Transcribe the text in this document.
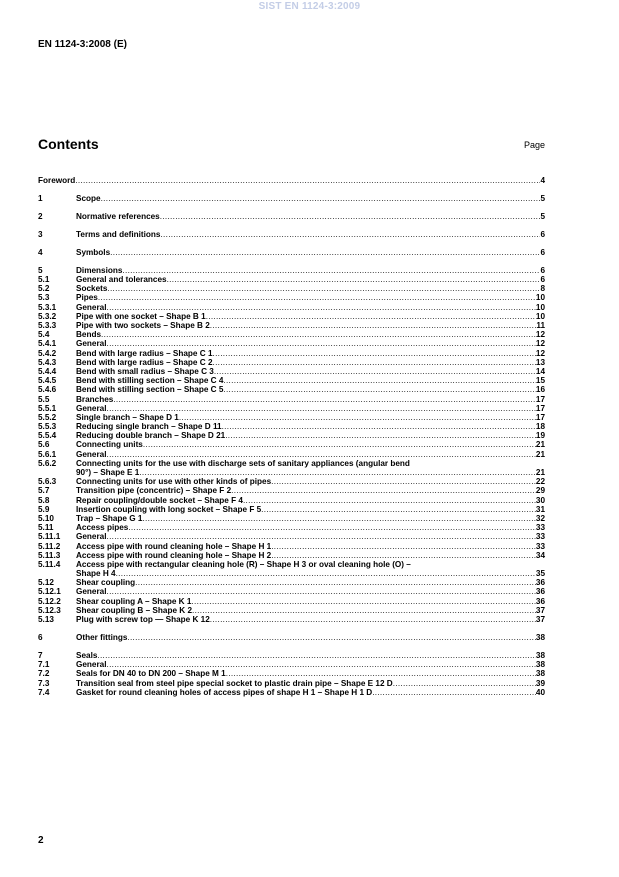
SIST EN 1124-3:2009
EN 1124-3:2008 (E)
Contents	Page
Foreword .....	4
1	Scope .....	5
2	Normative references .....	5
3	Terms and definitions .....	6
4	Symbols .....	6
5	Dimensions .....	6
5.1	General and tolerances .....	6
5.2	Sockets .....	8
5.3	Pipes .....	10
5.3.1	General .....	10
5.3.2	Pipe with one socket – Shape B 1 .....	10
5.3.3	Pipe with two sockets – Shape B 2 .....	11
5.4	Bends .....	12
5.4.1	General .....	12
5.4.2	Bend with large radius – Shape C 1 .....	12
5.4.3	Bend with large radius – Shape C 2 .....	13
5.4.4	Bend with small radius – Shape C 3 .....	14
5.4.5	Bend with stilling section – Shape C 4 .....	15
5.4.6	Bend with stilling section – Shape C 5 .....	16
5.5	Branches .....	17
5.5.1	General .....	17
5.5.2	Single branch – Shape D 1 .....	17
5.5.3	Reducing single branch – Shape D 11 .....	18
5.5.4	Reducing double branch – Shape D 21 .....	19
5.6	Connecting units .....	21
5.6.1	General .....	21
5.6.2	Connecting units for the use with discharge sets of sanitary appliances (angular bend
90°) – Shape E 1 .....	21
5.6.3	Connecting units for use with other kinds of pipes .....	22
5.7	Transition pipe (concentric) – Shape F 2 .....	29
5.8	Repair coupling/double socket – Shape F 4 .....	30
5.9	Insertion coupling with long socket – Shape F 5 .....	31
5.10	Trap – Shape G 1 .....	32
5.11	Access pipes .....	33
5.11.1	General .....	33
5.11.2	Access pipe with round cleaning hole – Shape H 1 .....	33
5.11.3	Access pipe with round cleaning hole – Shape H 2 .....	34
5.11.4	Access pipe with rectangular cleaning hole (R) – Shape H 3 or oval cleaning hole (O) –
Shape H 4 .....	35
5.12	Shear coupling .....	36
5.12.1	General .....	36
5.12.2	Shear coupling A – Shape K 1 .....	36
5.12.3	Shear coupling B – Shape K 2 .....	37
5.13	Plug with screw top — Shape K 12 .....	37
6	Other fittings .....	38
7	Seals .....	38
7.1	General .....	38
7.2	Seals for DN 40 to DN 200 – Shape M 1 .....	38
7.3	Transition seal from steel pipe special socket to plastic drain pipe – Shape E 12 D .....	39
7.4	Gasket for round cleaning holes of access pipes of shape H 1 – Shape H 1 D .....	40
2
